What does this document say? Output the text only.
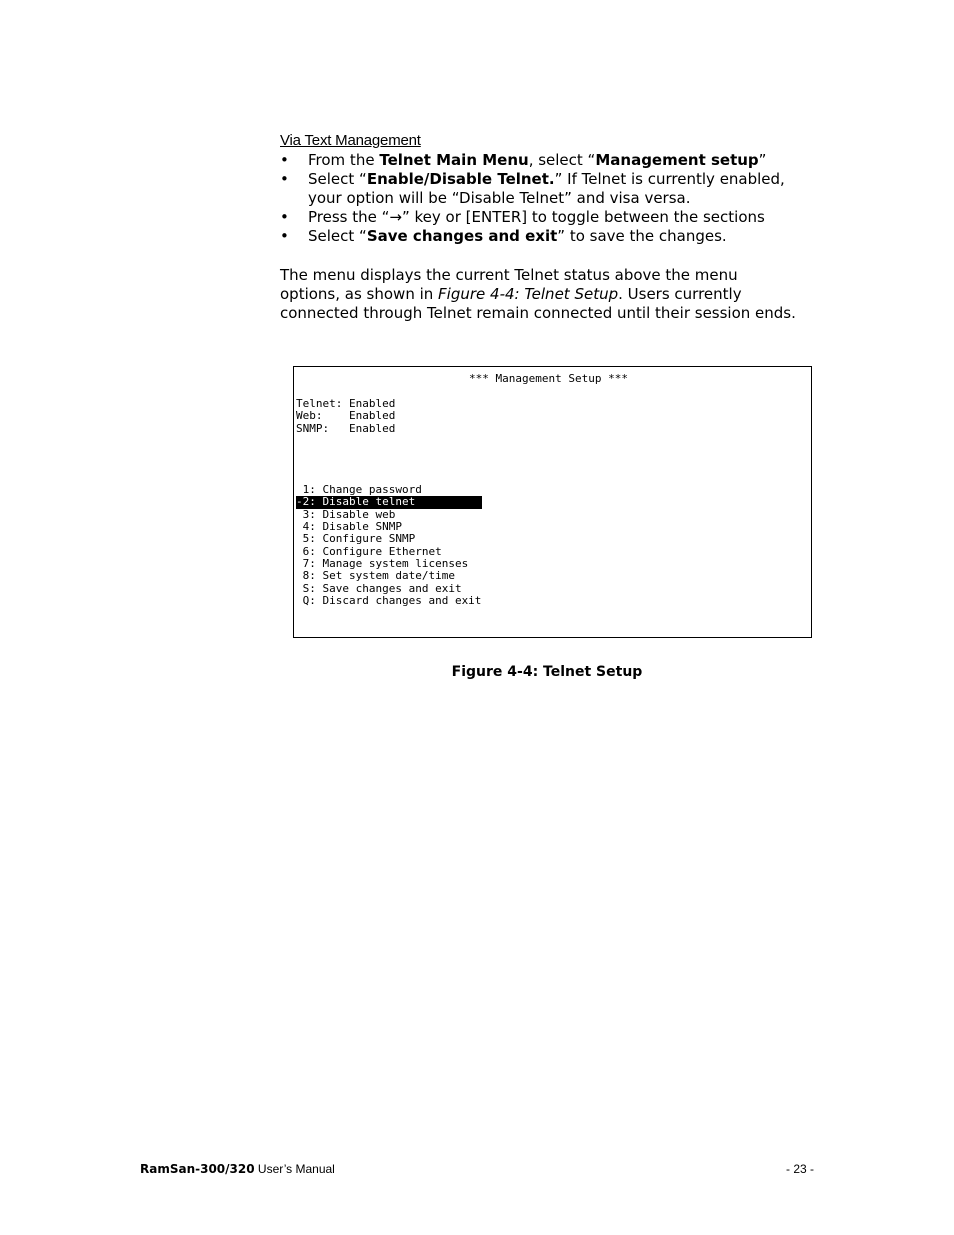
Via Text Management
• From the Telnet Main Menu, select “Management setup”
• Select “Enable/Disable Telnet.” If Telnet is currently enabled, your option will be “Disable Telnet” and visa versa.
• Press the “→” key or [ENTER] to toggle between the sections
• Select “Save changes and exit” to save the changes.

The menu displays the current Telnet status above the menu options, as shown in Figure 4-4: Telnet Setup. Users currently connected through Telnet remain connected until their session ends.

*** Management Setup ***
Telnet: Enabled
Web:    Enabled
SNMP:   Enabled
1: Change password
-2: Disable telnet
3: Disable web
4: Disable SNMP
5: Configure SNMP
6: Configure Ethernet
7: Manage system licenses
8: Set system date/time
S: Save changes and exit
Q: Discard changes and exit
Figure 4-4: Telnet Setup
RamSan-300/320 User’s Manual	- 23 -
